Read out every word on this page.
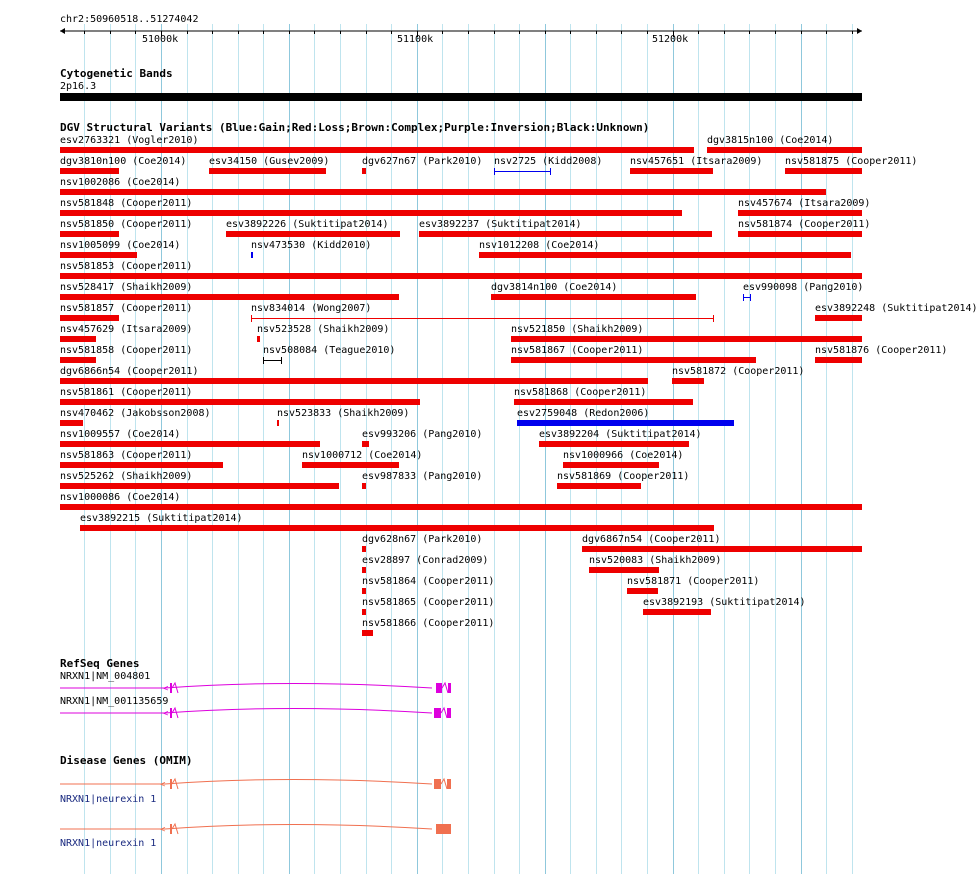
chr2:50960518..51274042
51000k	51100k	51200k
Cytogenetic Bands
2p16.3
DGV Structural Variants (Blue:Gain;Red:Loss;Brown:Complex;Purple:Inversion;Black:Unknown)
esv2763321 (Vogler2010)	dgv3815n100 (Coe2014)
dgv3810n100 (Coe2014) esv34150 (Gusev2009)	dgv627n67 (Park2010) nsv2725 (Kidd2008)	nsv457651 (Itsara2009) nsv581875 (Cooper2011)
nsv1002086 (Coe2014)
nsv581848 (Cooper2011)	nsv457674 (Itsara2009)
nsv581850 (Cooper2011)	esv3892226 (Suktitipat2014)	esv3892237 (Suktitipat2014)	nsv581874 (Cooper2011)
nsv1005099 (Coe2014)	nsv473530 (Kidd2010)	nsv1012208 (Coe2014)
nsv581853 (Cooper2011)
nsv528417 (Shaikh2009)	dgv3814n100 (Coe2014)	esv990098 (Pang2010)
nsv581857 (Cooper2011)	nsv834014 (Wong2007)	esv3892248 (Suktitipat2014)
nsv457629 (Itsara2009)	nsv523528 (Shaikh2009)	nsv521850 (Shaikh2009)
nsv581858 (Cooper2011)	nsv508084 (Teague2010)	nsv581867 (Cooper2011)	nsv581876 (Cooper2011)
dgv6866n54 (Cooper2011)	nsv581872 (Cooper2011)
nsv581861 (Cooper2011)	nsv581868 (Cooper2011)
nsv470462 (Jakobsson2008)	nsv523833 (Shaikh2009)	esv2759048 (Redon2006)
nsv1009557 (Coe2014)	esv993206 (Pang2010)	esv3892204 (Suktitipat2014)
nsv581863 (Cooper2011)	nsv1000712 (Coe2014)	nsv1000966 (Coe2014)
nsv525262 (Shaikh2009)	esv987833 (Pang2010)	nsv581869 (Cooper2011)
nsv1000086 (Coe2014)
esv3892215 (Suktitipat2014)
dgv628n67 (Park2010)	dgv6867n54 (Cooper2011)
esv28897 (Conrad2009)	nsv520083 (Shaikh2009)
nsv581864 (Cooper2011)	nsv581871 (Cooper2011)
nsv581865 (Cooper2011)	esv3892193 (Suktitipat2014)
nsv581866 (Cooper2011)
RefSeq Genes
NRXN1|NM_004801
<
NRXN1|NM_001135659
<
Disease Genes (OMIM)
<
NRXN1|neurexin 1
<
NRXN1|neurexin 1
